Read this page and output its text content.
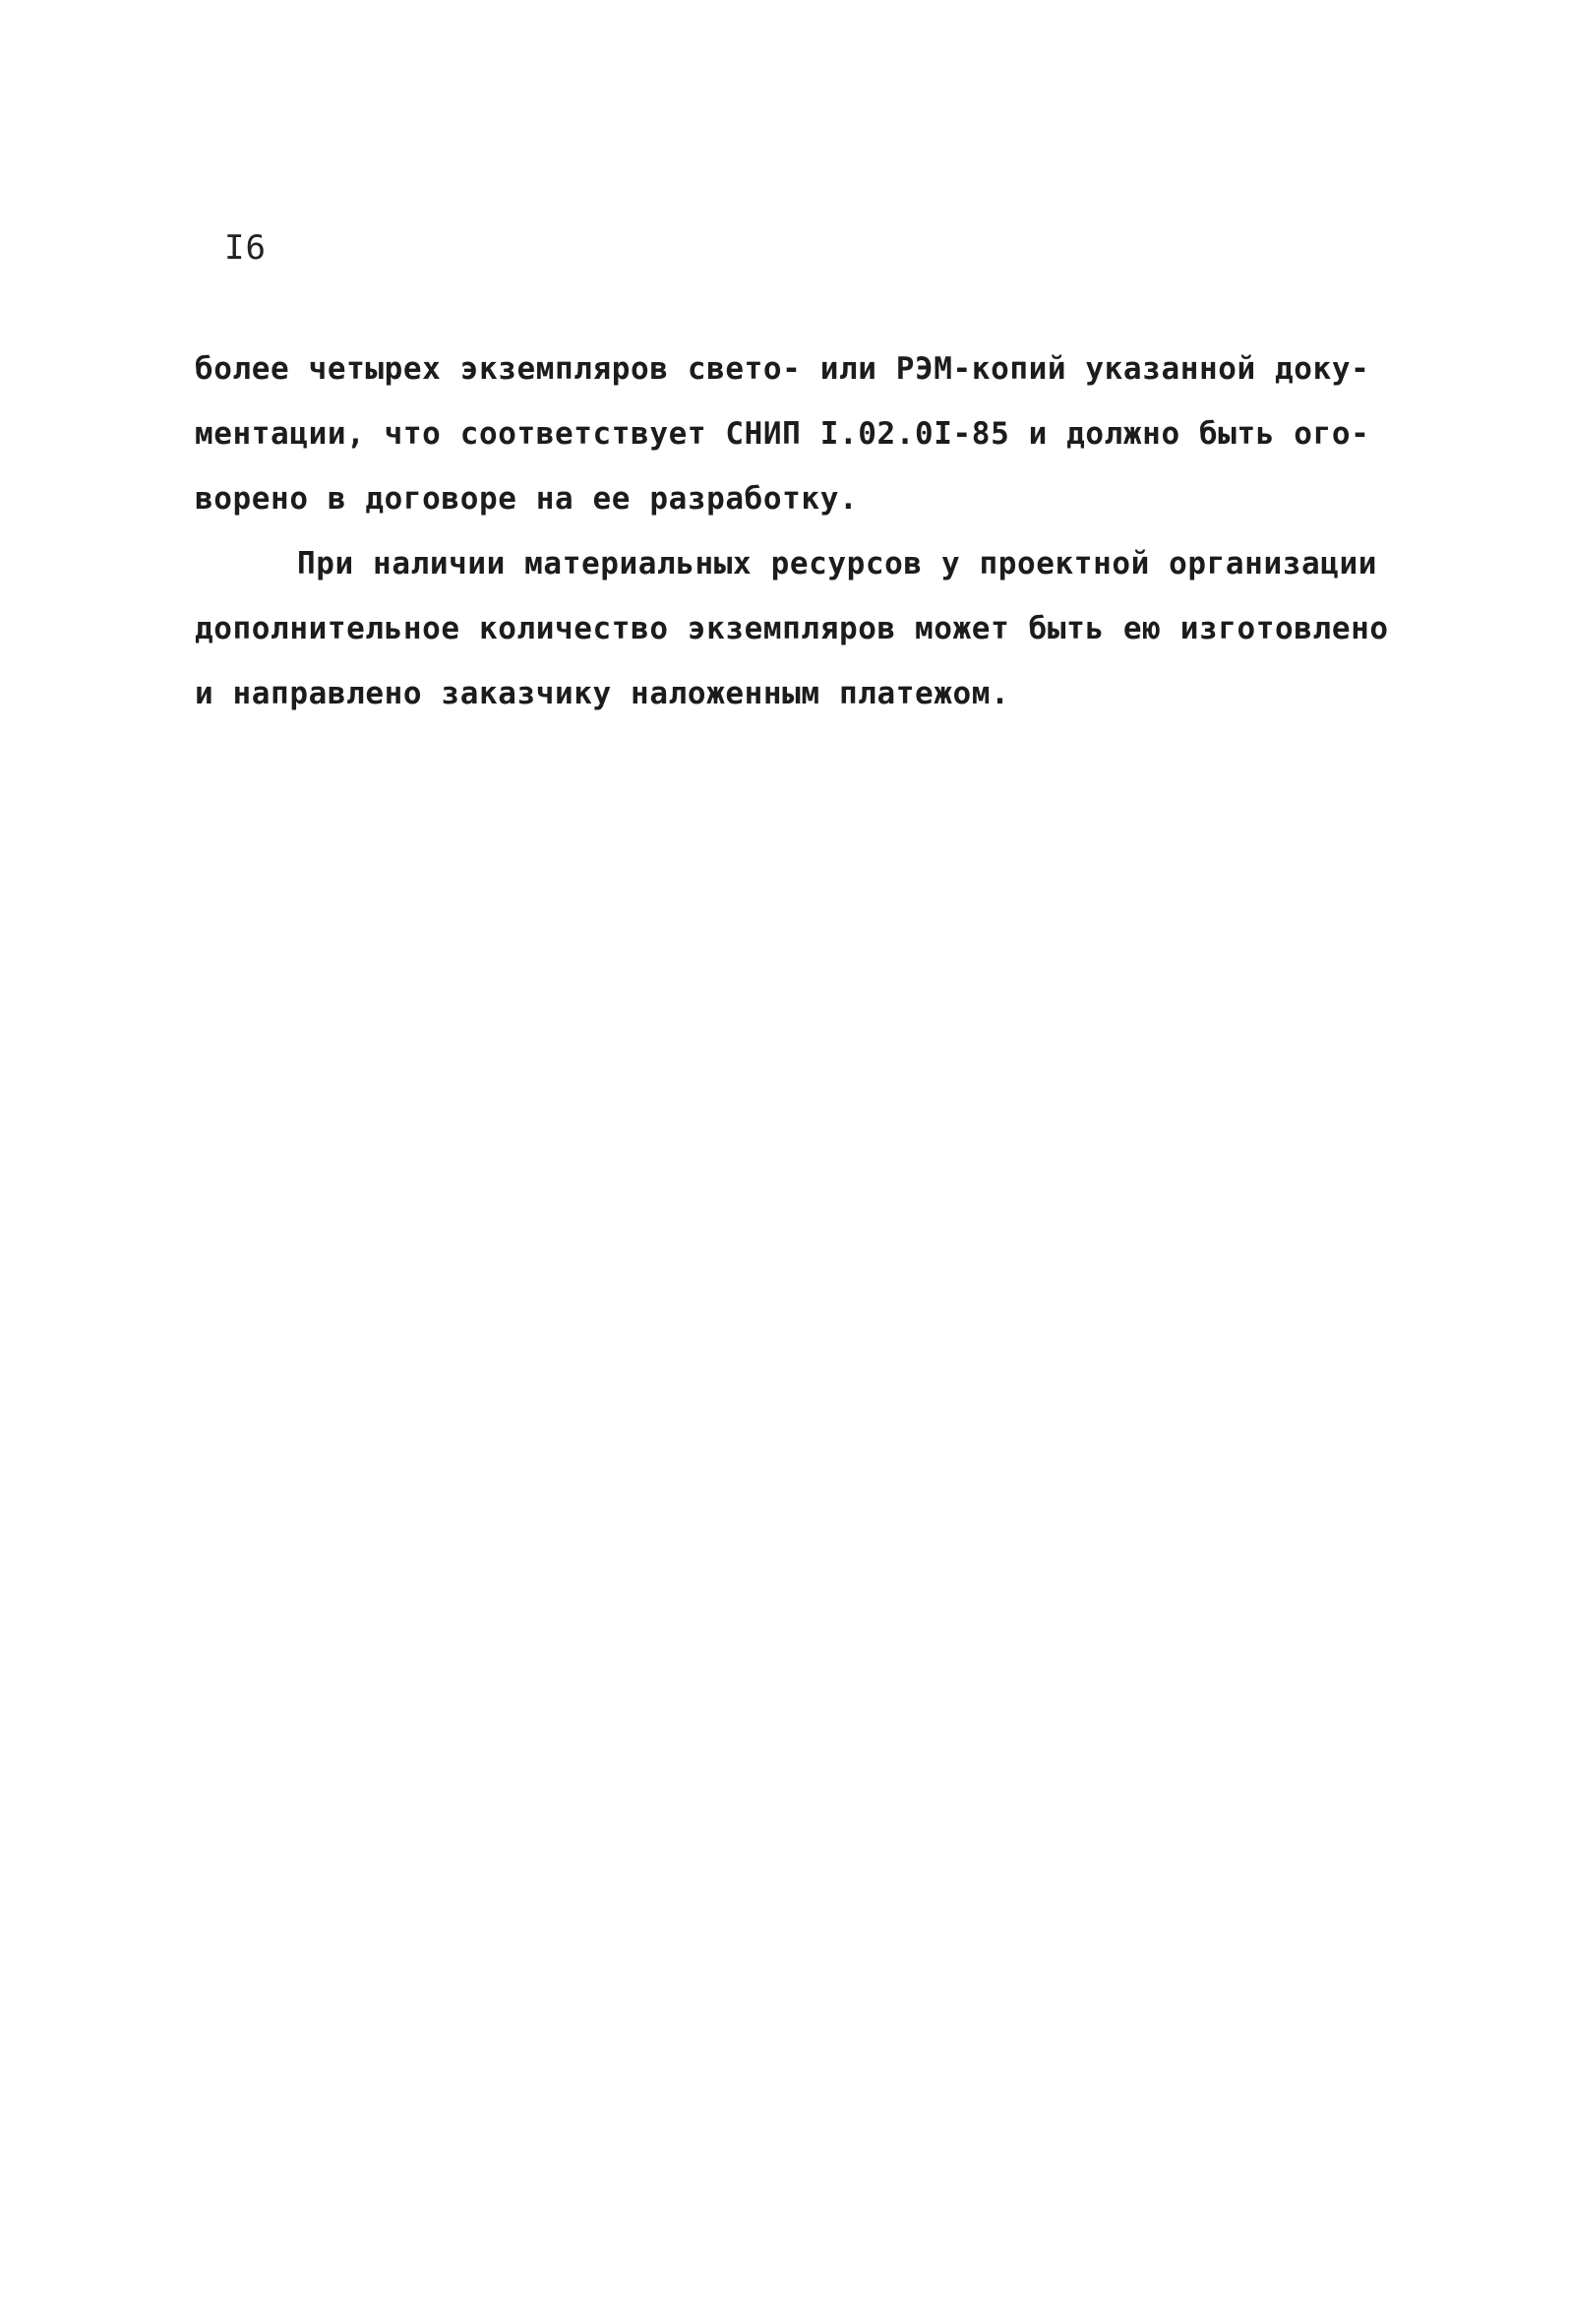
I6

более четырех экземпляров свето- или РЭМ-копий указанной доку-
ментации, что соответствует СНИП I.02.0I-85 и должно быть ого-
ворено в договоре на ее разработку.

При наличии материальных ресурсов у проектной организации
дополнительное количество экземпляров может быть ею изготовлено
и направлено заказчику наложенным платежом.
